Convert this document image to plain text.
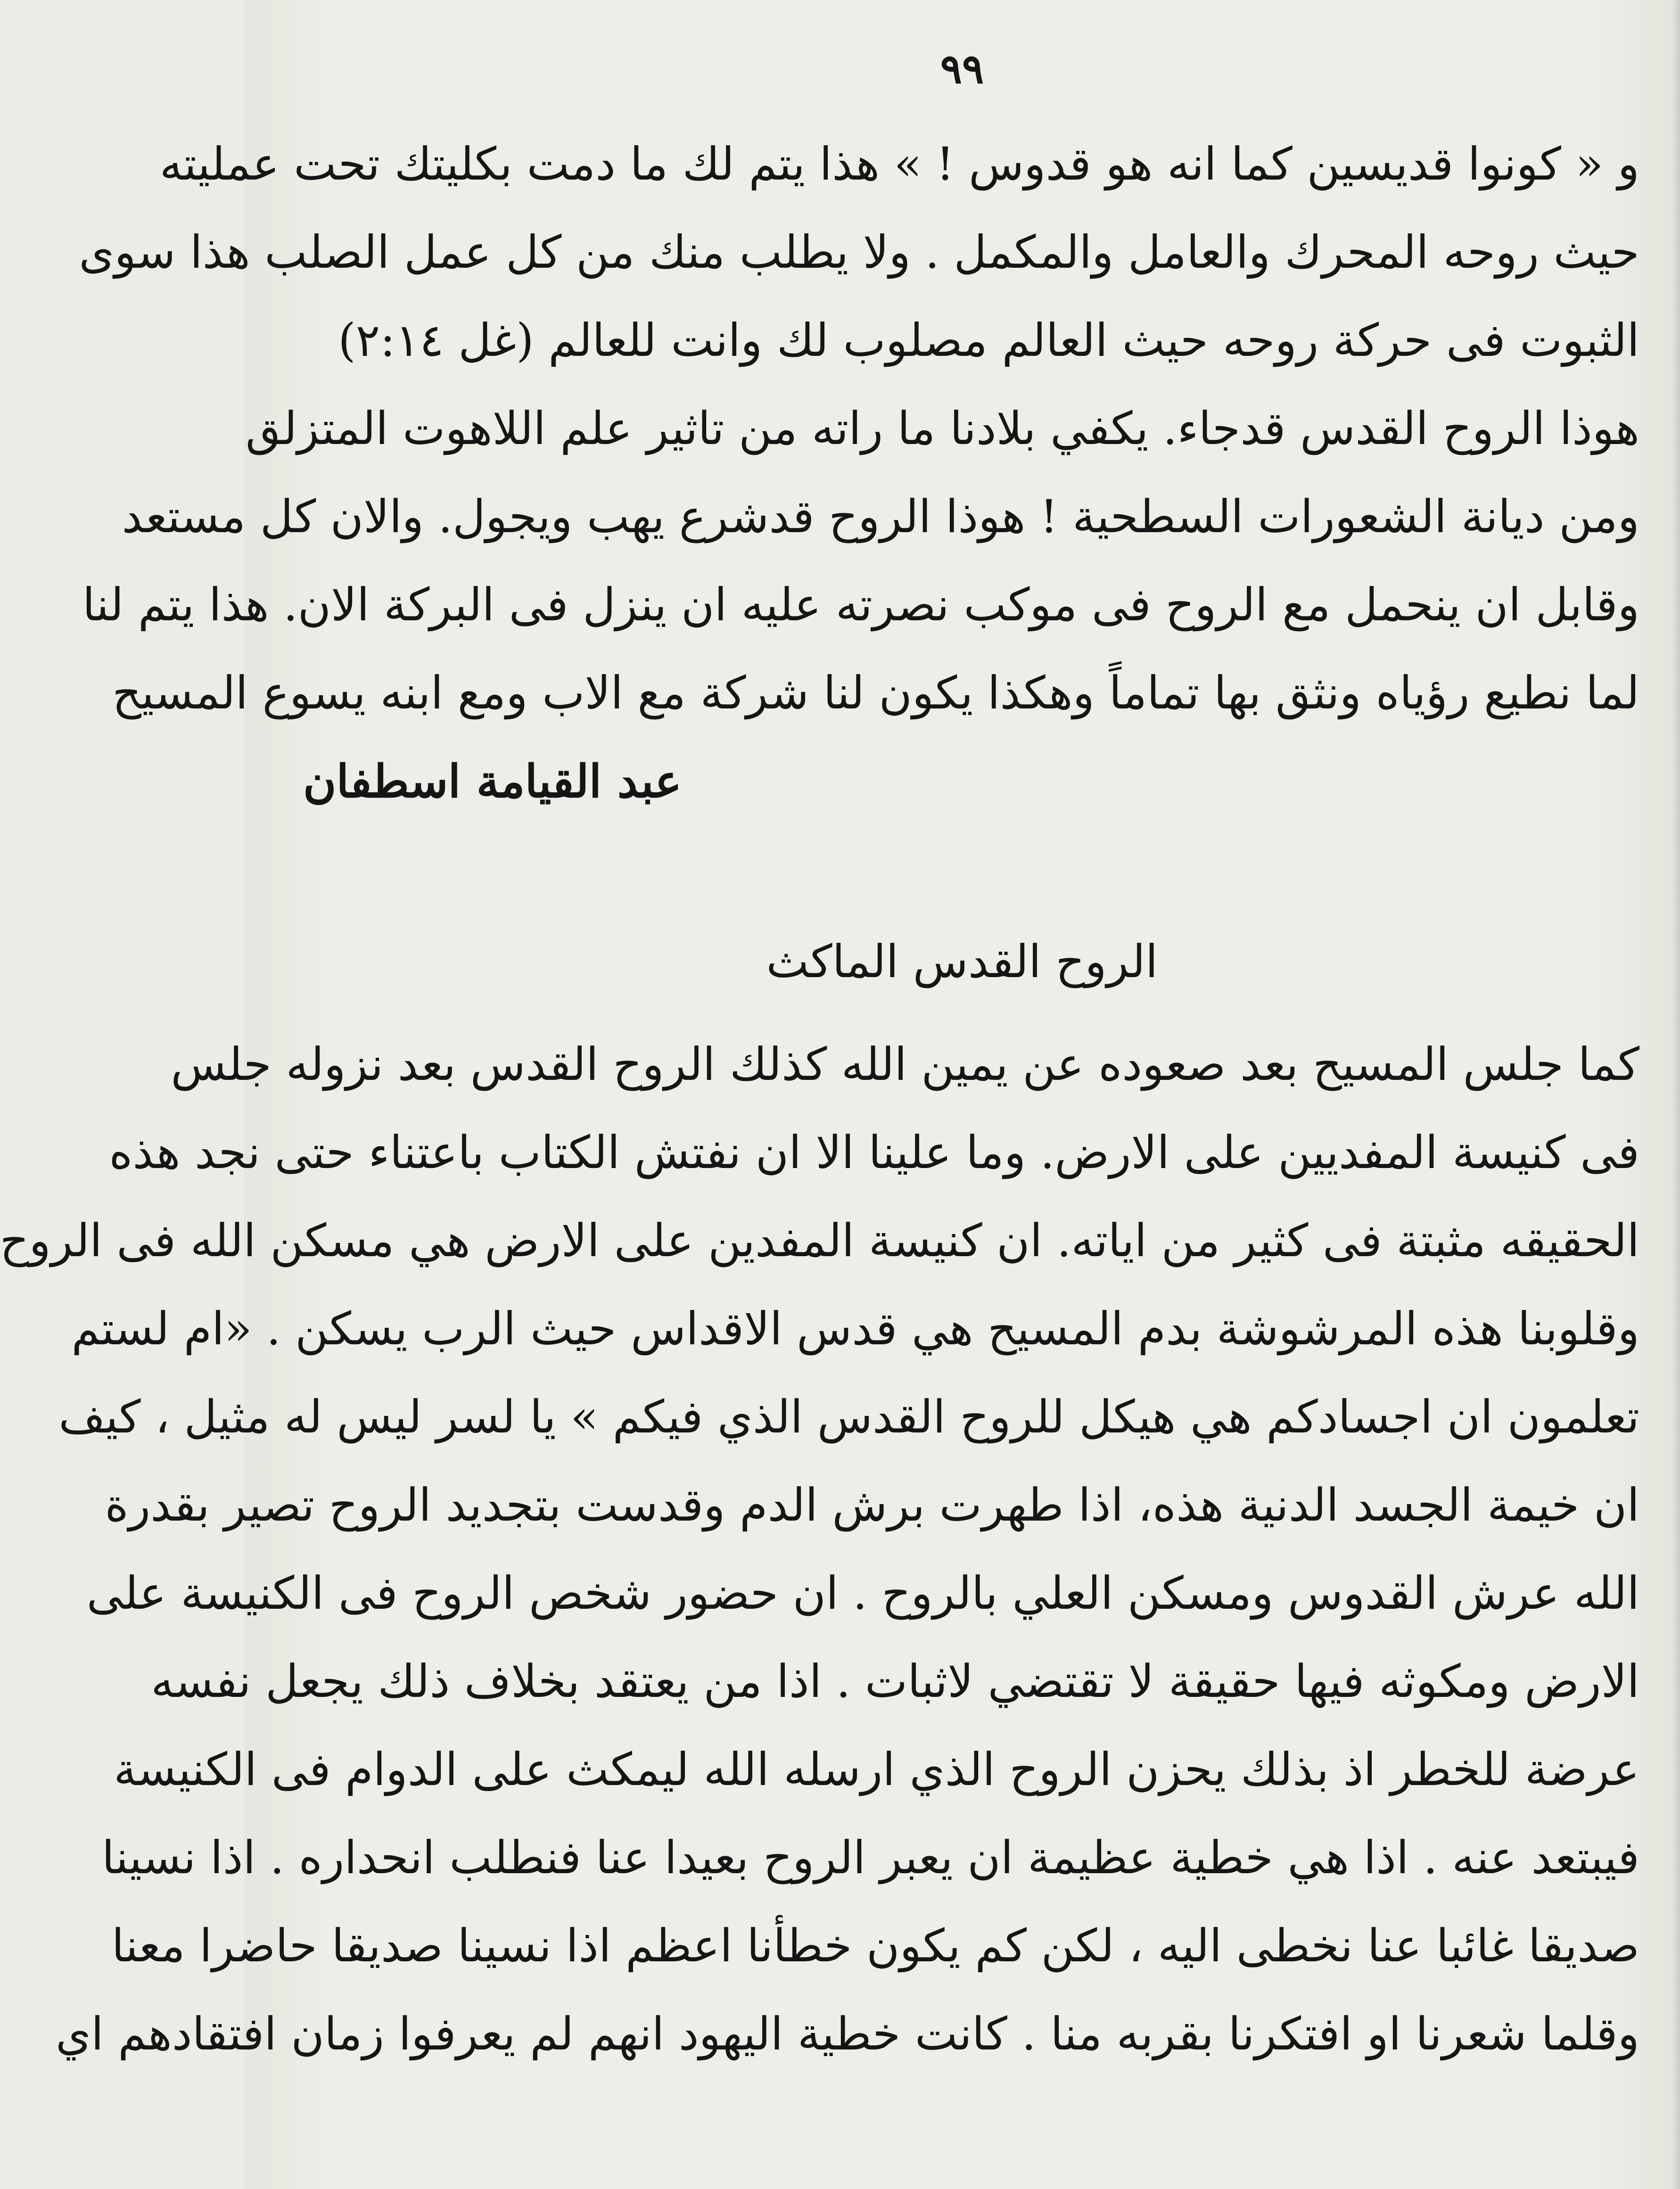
٩٩
و « كونوا قديسين كما انه هو قدوس ! » هذا يتم لك ما دمت بكليتك تحت عمليته
حيث روحه المحرك والعامل والمكمل . ولا يطلب منك من كل عمل الصلب هذا سوى
الثبوت فى حركة روحه حيث العالم مصلوب لك وانت للعالم (غل ٢:١٤)
هوذا الروح القدس قدجاء. يكفي بلادنا ما راته من تاثير علم اللاهوت المتزلق
ومن ديانة الشعورات السطحية ! هوذا الروح قدشرع يهب ويجول. والان كل مستعد
وقابل ان ينحمل مع الروح فى موكب نصرته عليه ان ينزل فى البركة الان. هذا يتم لنا
لما نطيع رؤياه ونثق بها تماماً وهكذا يكون لنا شركة مع الاب ومع ابنه يسوع المسيح
عبد القيامة اسطفان
الروح القدس الماكث
كما جلس المسيح بعد صعوده عن يمين الله كذلك الروح القدس بعد نزوله جلس
فى كنيسة المفديين على الارض. وما علينا الا ان نفتش الكتاب باعتناء حتى نجد هذه
الحقيقه مثبتة فى كثير من اياته. ان كنيسة المفدين على الارض هي مسكن الله فى الروح
وقلوبنا هذه المرشوشة بدم المسيح هي قدس الاقداس حيث الرب يسكن . «ام لستم
تعلمون ان اجسادكم هي هيكل للروح القدس الذي فيكم » يا لسر ليس له مثيل ، كيف
ان خيمة الجسد الدنية هذه، اذا طهرت برش الدم وقدست بتجديد الروح تصير بقدرة
الله عرش القدوس ومسكن العلي بالروح . ان حضور شخص الروح فى الكنيسة على
الارض ومكوثه فيها حقيقة لا تقتضي لاثبات . اذا من يعتقد بخلاف ذلك يجعل نفسه
عرضة للخطر اذ بذلك يحزن الروح الذي ارسله الله ليمكث على الدوام فى الكنيسة
فيبتعد عنه . اذا هي خطية عظيمة ان يعبر الروح بعيدا عنا فنطلب انحداره . اذا نسينا
صديقا غائبا عنا نخطى اليه ، لكن كم يكون خطأنا اعظم اذا نسينا صديقا حاضرا معنا
وقلما شعرنا او افتكرنا بقربه منا . كانت خطية اليهود انهم لم يعرفوا زمان افتقادهم اي
